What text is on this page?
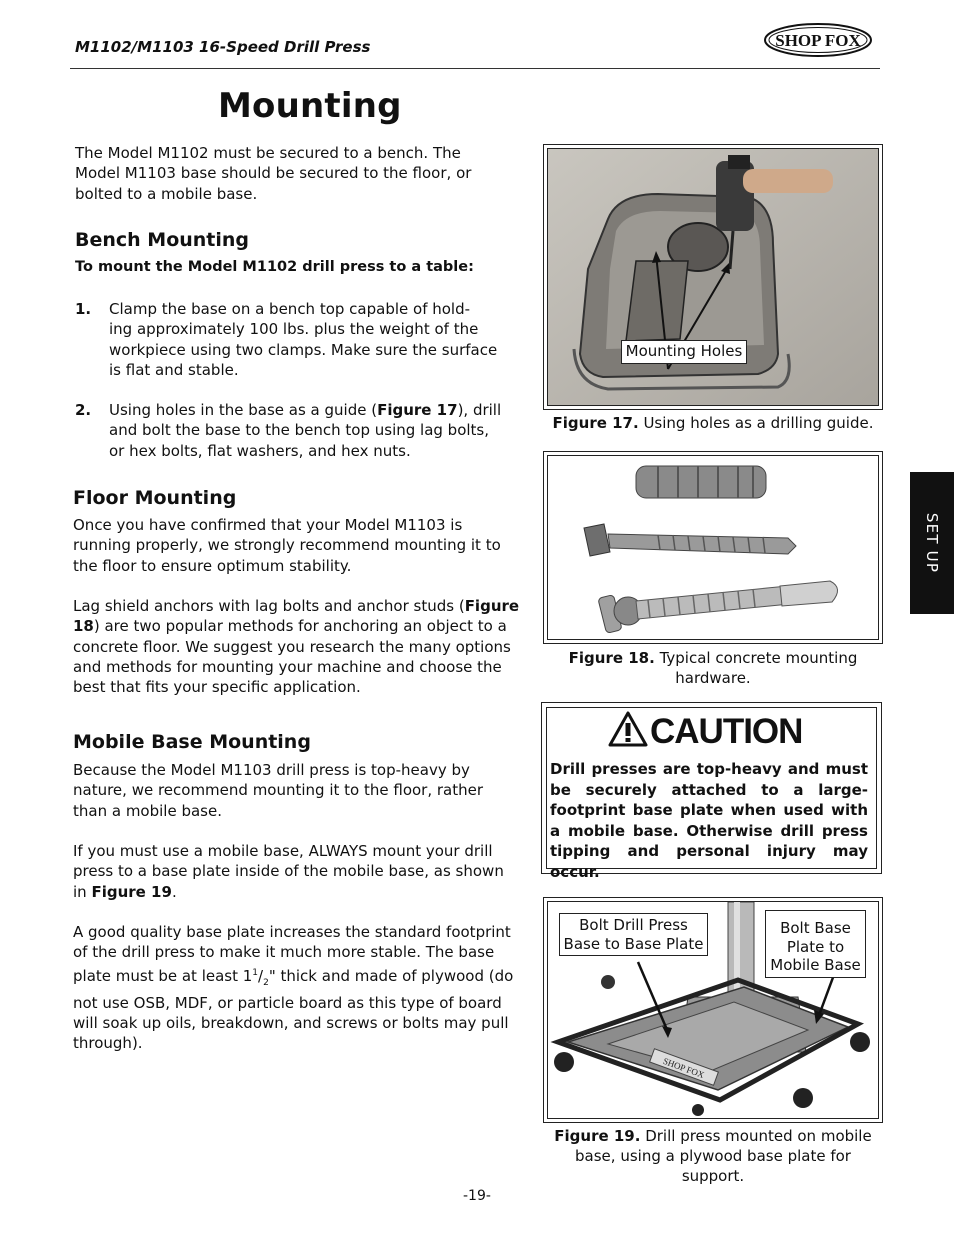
M1102/M1103 16-Speed Drill Press	SHOP FOX
Mounting
The Model M1102 must be secured to a bench. The Model M1103 base should be secured to the floor, or bolted to a mobile base.
Bench Mounting
To mount the Model M1102 drill press to a table:
1. Clamp the base on a bench top capable of hold-
ing approximately 100 lbs. plus the weight of the
workpiece using two clamps. Make sure the surface
is flat and stable.
2. Using holes in the base as a guide (Figure 17), drill
and bolt the base to the bench top using lag bolts,
or hex bolts, flat washers, and hex nuts.
Floor Mounting
Once you have confirmed that your Model M1103 is running properly, we strongly recommend mounting it to the floor to ensure optimum stability.
Lag shield anchors with lag bolts and anchor studs (Figure 18) are two popular methods for anchoring an object to a concrete floor. We suggest you research the many options and methods for mounting your machine and choose the best that fits your specific application.
Mobile Base Mounting
Because the Model M1103 drill press is top-heavy by nature, we recommend mounting it to the floor, rather than a mobile base.
If you must use a mobile base, ALWAYS mount your drill press to a base plate inside of the mobile base, as shown in Figure 19.
A good quality base plate increases the standard footprint of the drill press to make it much more stable. The base plate must be at least $1^1/_2$" thick and made of plywood (do not use OSB, MDF, or particle board as this type of board will soak up oils, breakdown, and screws or bolts may pull through).
Mounting Holes
Figure 17. Using holes as a drilling guide.
Figure 18. Typical concrete mounting
hardware.
CAUTION
Drill presses are top-heavy and must be securely attached to a large-footprint base plate when used with a mobile base. Otherwise drill press tipping and personal injury may occur.
SHOP FOX
Bolt Drill Press
Base to Base Plate
Bolt Base
Plate to
Mobile Base
Figure 19. Drill press mounted on mobile
base, using a plywood base plate for
support.
SET UP
-19-
